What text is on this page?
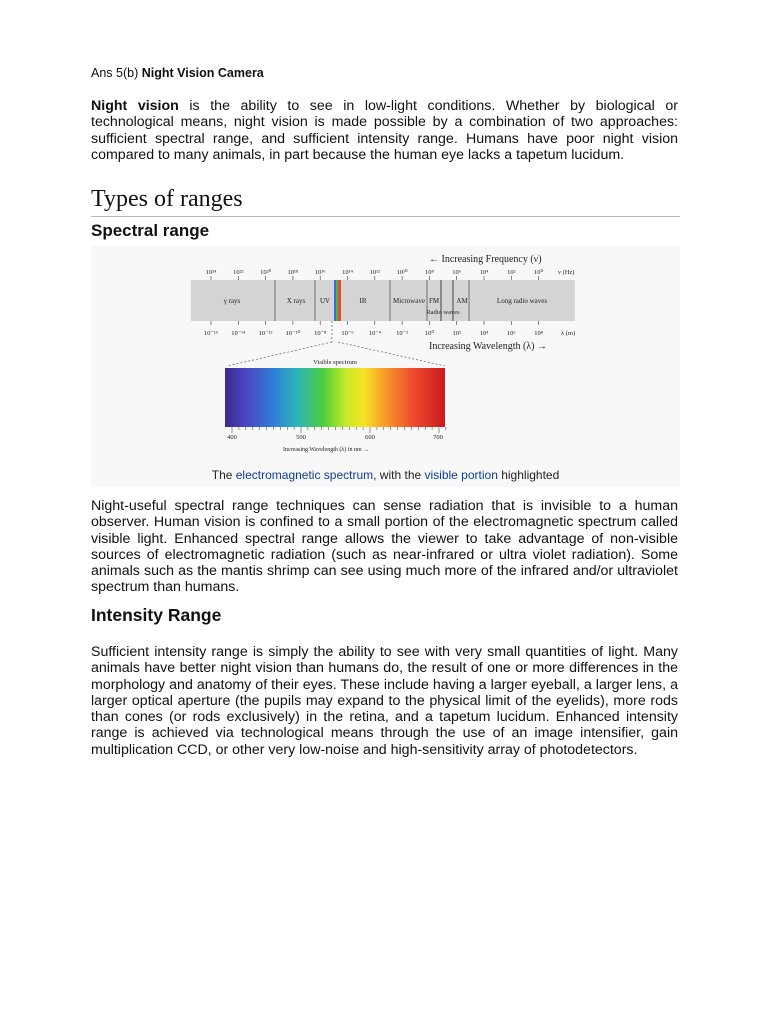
Ans 5(b) Night Vision Camera
Night vision is the ability to see in low-light conditions. Whether by biological or technological means, night vision is made possible by a combination of two approaches: sufficient spectral range, and sufficient intensity range. Humans have poor night vision compared to many animals, in part because the human eye lacks a tapetum lucidum.
Types of ranges
Spectral range
← Increasing Frequency (ν)
10²⁴	10²²	10²⁰	10¹⁸	10¹⁶	10¹⁴	10¹²	10¹⁰	10⁸	10⁶	10⁴	10²	10⁰ ν (Hz)
γ rays	X rays UV	IR	Microwave FM AM	Long radio waves
Radio waves
10⁻¹⁶ 10⁻¹⁴ 10⁻¹² 10⁻¹⁰ 10⁻⁸ 10⁻⁶ 10⁻⁴ 10⁻²	10⁰	10²	10⁴	10⁶	10⁸	λ (m)
Increasing Wavelength (λ) →
Visible spectrum
400	500	600	700
Increasing Wavelength (λ) in nm →
The electromagnetic spectrum, with the visible portion highlighted
Night-useful spectral range techniques can sense radiation that is invisible to a human observer. Human vision is confined to a small portion of the electromagnetic spectrum called visible light. Enhanced spectral range allows the viewer to take advantage of non-visible sources of electromagnetic radiation (such as near-infrared or ultra violet radiation). Some animals such as the mantis shrimp can see using much more of the infrared and/or ultraviolet spectrum than humans.
Intensity Range
Sufficient intensity range is simply the ability to see with very small quantities of light. Many animals have better night vision than humans do, the result of one or more differences in the morphology and anatomy of their eyes. These include having a larger eyeball, a larger lens, a larger optical aperture (the pupils may expand to the physical limit of the eyelids), more rods than cones (or rods exclusively) in the retina, and a tapetum lucidum. Enhanced intensity range is achieved via technological means through the use of an image intensifier, gain multiplication CCD, or other very low-noise and high-sensitivity array of photodetectors.
